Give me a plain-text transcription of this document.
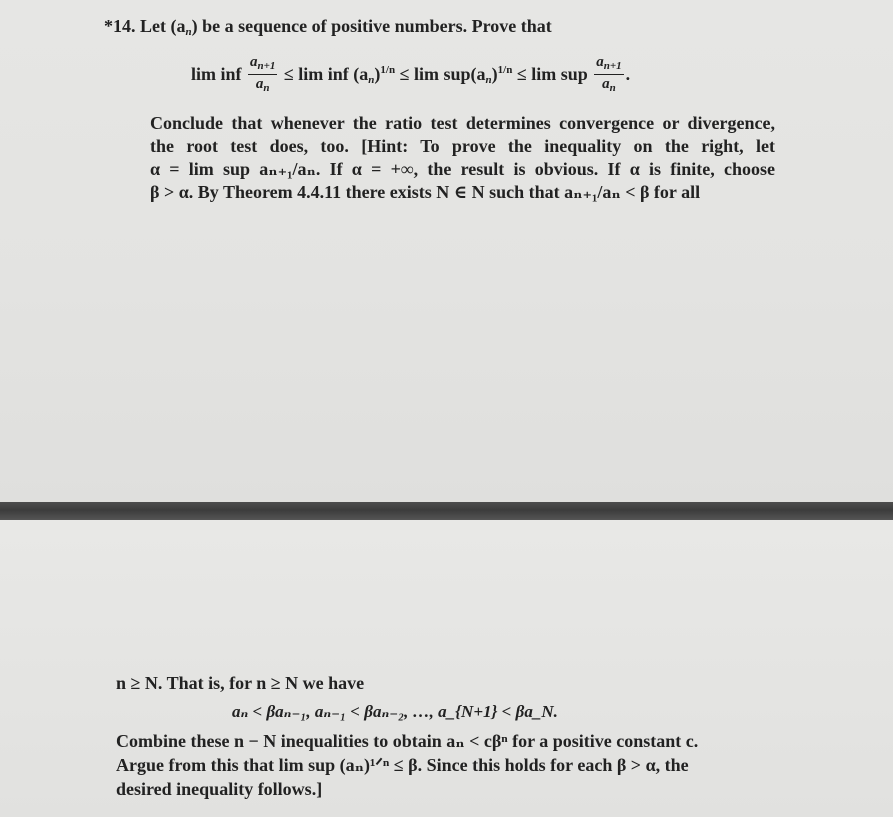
*14. Let $(a_n)$ be a sequence of positive numbers. Prove that
lim inf $\frac{a_{n+1}}{a_n} \le \lim$ inf $(a_n)^{1/n} \le \lim sup(a_n)^{1/n} \le \lim$ sup $\frac{a_{n+1}}{a_n}$ .
Conclude that whenever the ratio test determines convergence or divergence,
the root test does, too. [Hint: To prove the inequality on the right, let
α = lim sup aₙ₊₁/aₙ. If α = +∞, the result is obvious. If α is finite, choose
β > α. By Theorem 4.4.11 there exists N ∈ N such that aₙ₊₁/aₙ < β for all
n ≥ N. That is, for n ≥ N we have
aₙ < βaₙ₋₁, aₙ₋₁ < βaₙ₋₂, …, a_{N+1} < βa_N.
Combine these n − N inequalities to obtain aₙ < cβⁿ for a positive constant c.
Argue from this that lim sup (aₙ)¹ᐟⁿ ≤ β. Since this holds for each β > α, the
desired inequality follows.]
